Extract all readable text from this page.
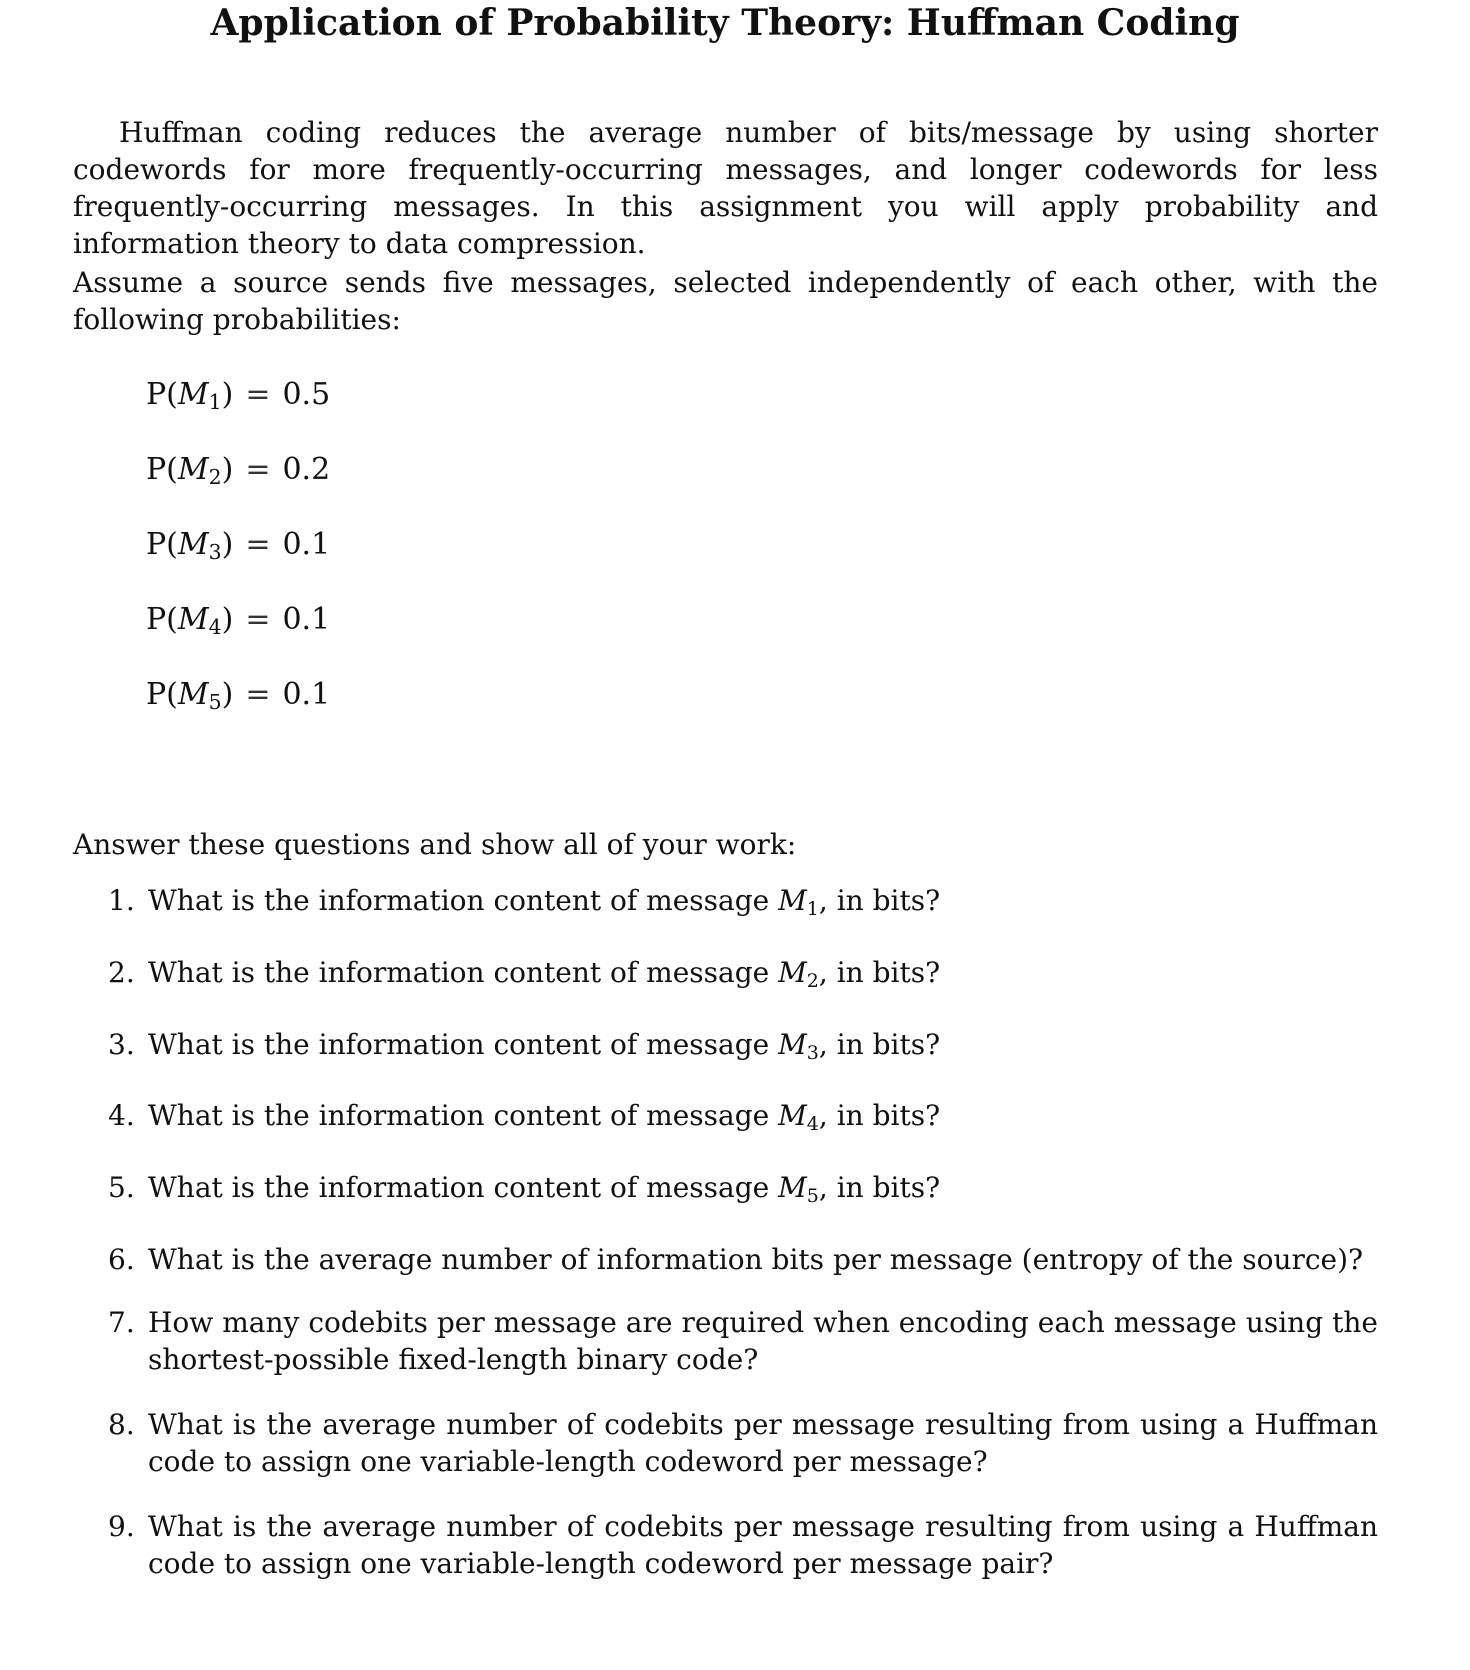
Application of Probability Theory: Huffman Coding

Huffman coding reduces the average number of bits/message by using shorter codewords for more frequently-occurring messages, and longer codewords for less frequently-occurring messages. In this assignment you will apply probability and information theory to data compression.

Assume a source sends five messages, selected independently of each other, with the following probabilities:

$P(M_1) = 0.5$
$P(M_2) = 0.2$
$P(M_3) = 0.1$
$P(M_4) = 0.1$
$P(M_5) = 0.1$

Answer these questions and show all of your work:

1. What is the information content of message $M_1$, in bits?
2. What is the information content of message $M_2$, in bits?
3. What is the information content of message $M_3$, in bits?
4. What is the information content of message $M_4$, in bits?
5. What is the information content of message $M_5$, in bits?
6. What is the average number of information bits per message (entropy of the source)?
7. How many codebits per message are required when encoding each message using the shortest-possible fixed-length binary code?
8. What is the average number of codebits per message resulting from using a Huffman code to assign one variable-length codeword per message?
9. What is the average number of codebits per message resulting from using a Huffman code to assign one variable-length codeword per message pair?
